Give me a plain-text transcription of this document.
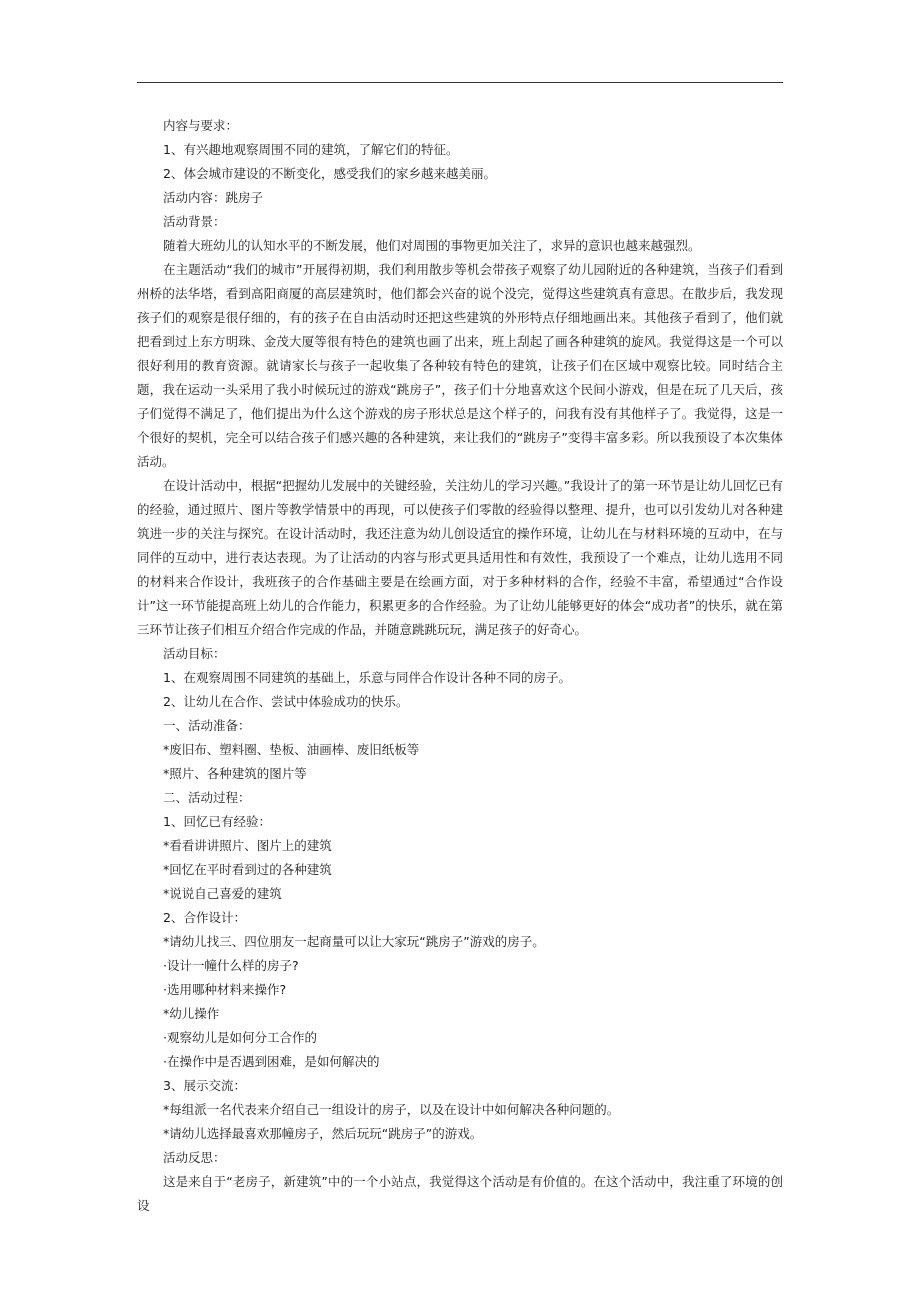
内容与要求：

1、有兴趣地观察周围不同的建筑，了解它们的特征。

2、体会城市建设的不断变化，感受我们的家乡越来越美丽。

活动内容：跳房子

活动背景：

随着大班幼儿的认知水平的不断发展，他们对周围的事物更加关注了，求异的意识也越来越强烈。

在主题活动“我们的城市”开展得初期，我们利用散步等机会带孩子观察了幼儿园附近的各种建筑，当孩子们看到州桥的法华塔，看到高阳商厦的高层建筑时，他们都会兴奋的说个没完，觉得这些建筑真有意思。在散步后，我发现孩子们的观察是很仔细的，有的孩子在自由活动时还把这些建筑的外形特点仔细地画出来。其他孩子看到了，他们就把看到过上东方明珠、金茂大厦等很有特色的建筑也画了出来，班上刮起了画各种建筑的旋风。我觉得这是一个可以很好利用的教育资源。就请家长与孩子一起收集了各种较有特色的建筑，让孩子们在区域中观察比较。同时结合主题，我在运动一头采用了我小时候玩过的游戏“跳房子”，孩子们十分地喜欢这个民间小游戏，但是在玩了几天后，孩子们觉得不满足了，他们提出为什么这个游戏的房子形状总是这个样子的，问我有没有其他样子了。我觉得，这是一个很好的契机，完全可以结合孩子们感兴趣的各种建筑，来让我们的“跳房子”变得丰富多彩。所以我预设了本次集体活动。

在设计活动中，根据“把握幼儿发展中的关键经验，关注幼儿的学习兴趣。”我设计了的第一环节是让幼儿回忆已有的经验，通过照片、图片等教学情景中的再现，可以使孩子们零散的经验得以整理、提升，也可以引发幼儿对各种建筑进一步的关注与探究。在设计活动时，我还注意为幼儿创设适宜的操作环境，让幼儿在与材料环境的互动中，在与同伴的互动中，进行表达表现。为了让活动的内容与形式更具适用性和有效性，我预设了一个难点，让幼儿选用不同的材料来合作设计，我班孩子的合作基础主要是在绘画方面，对于多种材料的合作，经验不丰富，希望通过“合作设计”这一环节能提高班上幼儿的合作能力，积累更多的合作经验。为了让幼儿能够更好的体会“成功者”的快乐，就在第三环节让孩子们相互介绍合作完成的作品，并随意跳跳玩玩，满足孩子的好奇心。

活动目标：

1、在观察周围不同建筑的基础上，乐意与同伴合作设计各种不同的房子。

2、让幼儿在合作、尝试中体验成功的快乐。

一、活动准备：

*废旧布、塑料圈、垫板、油画棒、废旧纸板等

*照片、各种建筑的图片等

二、活动过程：

1、回忆已有经验：

*看看讲讲照片、图片上的建筑

*回忆在平时看到过的各种建筑

*说说自己喜爱的建筑

2、合作设计：

*请幼儿找三、四位朋友一起商量可以让大家玩“跳房子”游戏的房子。

·设计一幢什么样的房子?

·选用哪种材料来操作?

*幼儿操作

·观察幼儿是如何分工合作的

·在操作中是否遇到困难，是如何解决的

3、展示交流：

*每组派一名代表来介绍自己一组设计的房子，以及在设计中如何解决各种问题的。

*请幼儿选择最喜欢那幢房子，然后玩玩“跳房子”的游戏。

活动反思：

这是来自于“老房子，新建筑”中的一个小站点，我觉得这个活动是有价值的。在这个活动中，我注重了环境的创设
